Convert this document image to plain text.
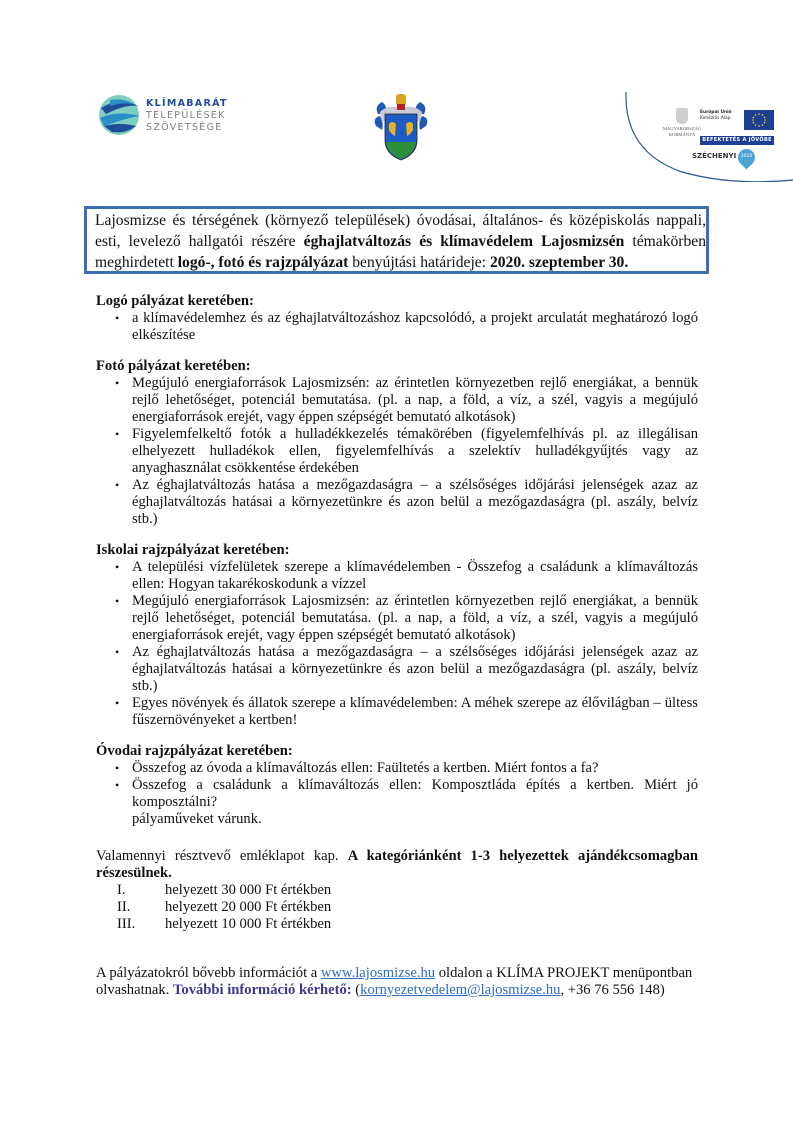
KLÍMABARÁT
TELEPÜLÉSEK
SZÖVETSÉGE	MAGYARORSZÁG
KORMÁNYA
Európai Unió
Kohéziós Alap
BEFEKTETÉS A JÖVŐBE
SZÉCHENYI	2020

Lajosmizse és térségének (környező települések) óvodásai, általános- és középiskolás nappali,
esti, levelező hallgatói részére éghajlatváltozás és klímavédelem Lajosmizsén témakörben
meghirdetett logó-, fotó és rajzpályázat benyújtási határideje: 2020. szeptember 30.

Logó pályázat keretében:

• a klímavédelemhez és az éghajlatváltozáshoz kapcsolódó, a projekt arculatát meghatározó logó elkészítése

Fotó pályázat keretében:

• Megújuló energiaforrások Lajosmizsén: az érintetlen környezetben rejlő energiákat, a bennük rejlő lehetőséget, potenciál bemutatása. (pl. a nap, a föld, a víz, a szél, vagyis a megújuló energiaforrások erejét, vagy éppen szépségét bemutató alkotások)
• Figyelemfelkeltő fotók a hulladékkezelés témakörében (figyelemfelhívás pl. az illegálisan elhelyezett hulladékok ellen, figyelemfelhívás a szelektív hulladékgyűjtés vagy az anyaghasználat csökkentése érdekében
• Az éghajlatváltozás hatása a mezőgazdaságra – a szélsőséges időjárási jelenségek azaz az éghajlatváltozás hatásai a környezetünkre és azon belül a mezőgazdaságra (pl. aszály, belvíz stb.)

Iskolai rajzpályázat keretében:

• A települési vízfelületek szerepe a klímavédelemben - Összefog a családunk a klímaváltozás ellen: Hogyan takarékoskodunk a vízzel
• Megújuló energiaforrások Lajosmizsén: az érintetlen környezetben rejlő energiákat, a bennük rejlő lehetőséget, potenciál bemutatása. (pl. a nap, a föld, a víz, a szél, vagyis a megújuló energiaforrások erejét, vagy éppen szépségét bemutató alkotások)
• Az éghajlatváltozás hatása a mezőgazdaságra – a szélsőséges időjárási jelenségek azaz az éghajlatváltozás hatásai a környezetünkre és azon belül a mezőgazdaságra (pl. aszály, belvíz stb.)
• Egyes növények és állatok szerepe a klímavédelemben: A méhek szerepe az élővilágban – ültess fűszernövényeket a kertben!

Óvodai rajzpályázat keretében:

• Összefog az óvoda a klímaváltozás ellen: Faültetés a kertben. Miért fontos a fa?
• Összefog a családunk a klímaváltozás ellen: Komposztláda építés a kertben. Miért jó komposztálni?
pályaműveket várunk.

Valamennyi résztvevő emléklapot kap. A kategóriánként 1-3 helyezettek ajándékcsomagban részesülnek.

I.	helyezett 30 000 Ft értékben
II.	helyezett 20 000 Ft értékben
III.	helyezett 10 000 Ft értékben
A pályázatokról bővebb információt a www.lajosmizse.hu oldalon a KLÍMA PROJEKT menüpontban olvashatnak. További információ kérhető: (kornyezetvedelem@lajosmizse.hu, +36 76 556 148)
